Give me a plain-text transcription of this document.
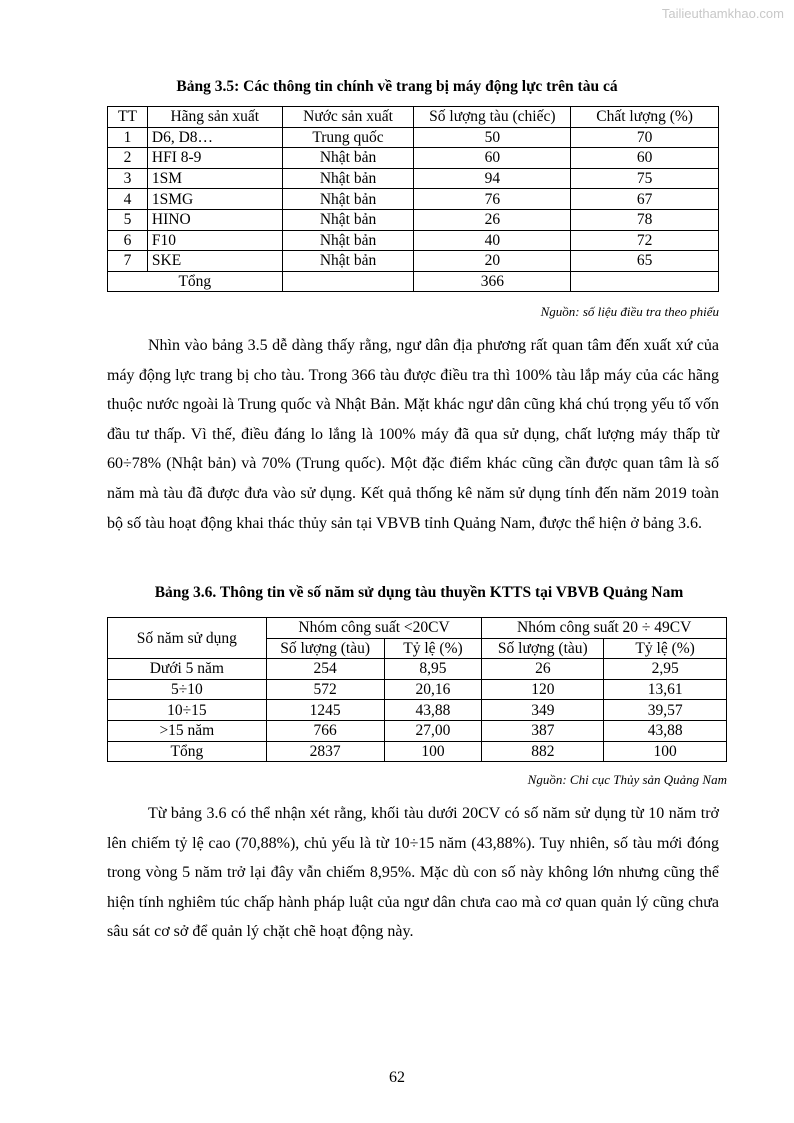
Tailieuthamkhao.com
Bảng 3.5: Các thông tin chính về trang bị máy động lực trên tàu cá
TT	Hãng sản xuất	Nước sản xuất	Số lượng tàu (chiếc)	Chất lượng (%)
1	D6, D8…	Trung quốc	50	70
2	HFI 8-9	Nhật bản	60	60
3	1SM	Nhật bản	94	75
4	1SMG	Nhật bản	76	67
5	HINO	Nhật bản	26	78
6	F10	Nhật bản	40	72
7	SKE	Nhật bản	20	65
Tổng			366	
Nguồn: số liệu điều tra theo phiếu

Nhìn vào bảng 3.5 dễ dàng thấy rằng, ngư dân địa phương rất quan tâm đến xuất xứ của máy động lực trang bị cho tàu. Trong 366 tàu được điều tra thì 100% tàu lắp máy của các hãng thuộc nước ngoài là Trung quốc và Nhật Bản. Mặt khác ngư dân cũng khá chú trọng yếu tố vốn đầu tư thấp. Vì thế, điều đáng lo lắng là 100% máy đã qua sử dụng, chất lượng máy thấp từ 60÷78% (Nhật bản) và 70% (Trung quốc). Một đặc điểm khác cũng cần được quan tâm là số năm mà tàu đã được đưa vào sử dụng. Kết quả thống kê năm sử dụng tính đến năm 2019 toàn bộ số tàu hoạt động khai thác thủy sản tại VBVB tỉnh Quảng Nam, được thể hiện ở bảng 3.6.

Bảng 3.6. Thông tin về số năm sử dụng tàu thuyền KTTS tại VBVB Quảng Nam
Số năm sử dụng	Nhóm công suất <20CV		Nhóm công suất 20 ÷ 49CV	
	Số lượng (tàu)	Tỷ lệ (%)	Số lượng (tàu)	Tỷ lệ (%)
Dưới 5 năm	254	8,95	26	2,95
5÷10	572	20,16	120	13,61
10÷15	1245	43,88	349	39,57
>15 năm	766	27,00	387	43,88
Tổng	2837	100	882	100
Nguồn: Chi cục Thủy sản Quảng Nam

Từ bảng 3.6 có thể nhận xét rằng, khối tàu dưới 20CV có số năm sử dụng từ 10 năm trở lên chiếm tỷ lệ cao (70,88%), chủ yếu là từ 10÷15 năm (43,88%). Tuy nhiên, số tàu mới đóng trong vòng 5 năm trở lại đây vẫn chiếm 8,95%. Mặc dù con số này không lớn nhưng cũng thể hiện tính nghiêm túc chấp hành pháp luật của ngư dân chưa cao mà cơ quan quản lý cũng chưa sâu sát cơ sở để quản lý chặt chẽ hoạt động này.

62
